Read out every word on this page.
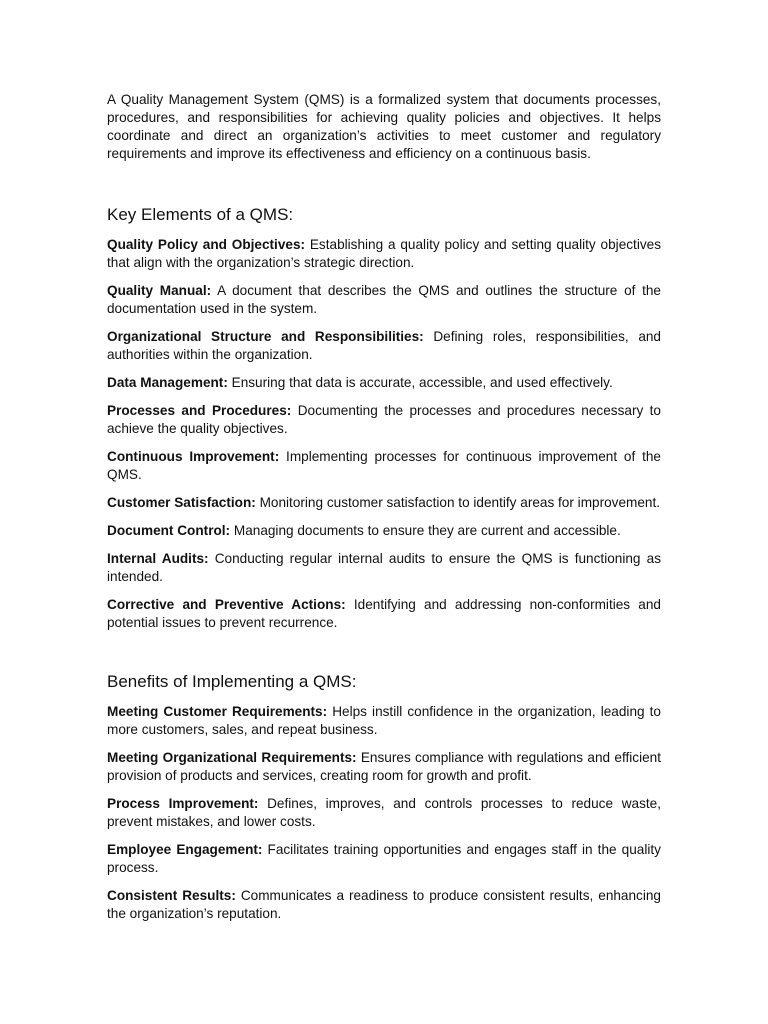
A Quality Management System (QMS) is a formalized system that documents processes, procedures, and responsibilities for achieving quality policies and objectives. It helps coordinate and direct an organization’s activities to meet customer and regulatory requirements and improve its effectiveness and efficiency on a continuous basis.

Key Elements of a QMS:

Quality Policy and Objectives: Establishing a quality policy and setting quality objectives that align with the organization’s strategic direction.

Quality Manual: A document that describes the QMS and outlines the structure of the documentation used in the system.

Organizational Structure and Responsibilities: Defining roles, responsibilities, and authorities within the organization.

Data Management: Ensuring that data is accurate, accessible, and used effectively.

Processes and Procedures: Documenting the processes and procedures necessary to achieve the quality objectives.

Continuous Improvement: Implementing processes for continuous improvement of the QMS.

Customer Satisfaction: Monitoring customer satisfaction to identify areas for improvement.

Document Control: Managing documents to ensure they are current and accessible.

Internal Audits: Conducting regular internal audits to ensure the QMS is functioning as intended.

Corrective and Preventive Actions: Identifying and addressing non-conformities and potential issues to prevent recurrence.

Benefits of Implementing a QMS:

Meeting Customer Requirements: Helps instill confidence in the organization, leading to more customers, sales, and repeat business.

Meeting Organizational Requirements: Ensures compliance with regulations and efficient provision of products and services, creating room for growth and profit.

Process Improvement: Defines, improves, and controls processes to reduce waste, prevent mistakes, and lower costs.

Employee Engagement: Facilitates training opportunities and engages staff in the quality process.

Consistent Results: Communicates a readiness to produce consistent results, enhancing the organization’s reputation.
